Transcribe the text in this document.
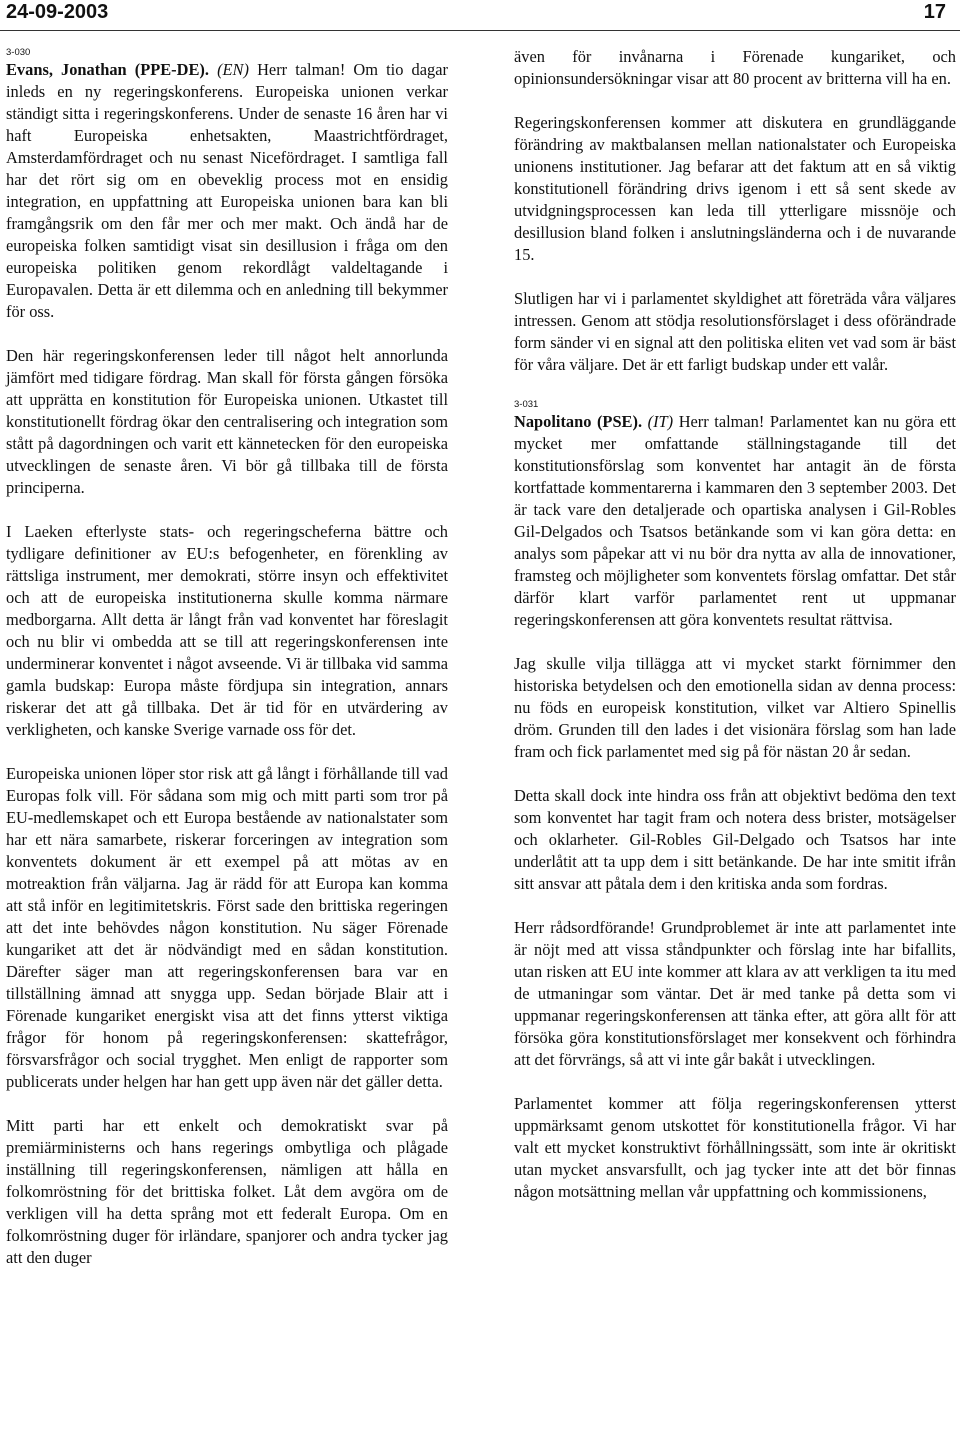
24-09-2003	17

3-030
Evans, Jonathan (PPE-DE). (EN) Herr talman! Om tio dagar inleds en ny regeringskonferens. Europeiska unionen verkar ständigt sitta i regeringskonferens. Under de senaste 16 åren har vi haft Europeiska enhetsakten, Maastrichtfördraget, Amsterdamfördraget och nu senast Nicefördraget. I samtliga fall har det rört sig om en obeveklig process mot en ensidig integration, en uppfattning att Europeiska unionen bara kan bli framgångsrik om den får mer och mer makt. Och ändå har de europeiska folken samtidigt visat sin desillusion i fråga om den europeiska politiken genom rekordlågt valdeltagande i Europavalen. Detta är ett dilemma och en anledning till bekymmer för oss.

Den här regeringskonferensen leder till något helt annorlunda jämfört med tidigare fördrag. Man skall för första gången försöka att upprätta en konstitution för Europeiska unionen. Utkastet till konstitutionellt fördrag ökar den centralisering och integration som stått på dagordningen och varit ett kännetecken för den europeiska utvecklingen de senaste åren. Vi bör gå tillbaka till de första principerna.

I Laeken efterlyste stats- och regeringscheferna bättre och tydligare definitioner av EU:s befogenheter, en förenkling av rättsliga instrument, mer demokrati, större insyn och effektivitet och att de europeiska institutionerna skulle komma närmare medborgarna. Allt detta är långt från vad konventet har föreslagit och nu blir vi ombedda att se till att regeringskonferensen inte underminerar konventet i något avseende. Vi är tillbaka vid samma gamla budskap: Europa måste fördjupa sin integration, annars riskerar det att gå tillbaka. Det är tid för en utvärdering av verkligheten, och kanske Sverige varnade oss för det.

Europeiska unionen löper stor risk att gå långt i förhållande till vad Europas folk vill. För sådana som mig och mitt parti som tror på EU-medlemskapet och ett Europa bestående av nationalstater som har ett nära samarbete, riskerar forceringen av integration som konventets dokument är ett exempel på att mötas av en motreaktion från väljarna. Jag är rädd för att Europa kan komma att stå inför en legitimitetskris. Först sade den brittiska regeringen att det inte behövdes någon konstitution. Nu säger Förenade kungariket att det är nödvändigt med en sådan konstitution. Därefter säger man att regeringskonferensen bara var en tillställning ämnad att snygga upp. Sedan började Blair att i Förenade kungariket energiskt visa att det finns ytterst viktiga frågor för honom på regeringskonferensen: skattefrågor, försvarsfrågor och social trygghet. Men enligt de rapporter som publicerats under helgen har han gett upp även när det gäller detta.

Mitt parti har ett enkelt och demokratiskt svar på premiärministerns och hans regerings ombytliga och plågade inställning till regeringskonferensen, nämligen att hålla en folkomröstning för det brittiska folket. Låt dem avgöra om de verkligen vill ha detta språng mot ett federalt Europa. Om en folkomröstning duger för irländare, spanjorer och andra tycker jag att den duger

även för invånarna i Förenade kungariket, och opinionsundersökningar visar att 80 procent av britterna vill ha en.

Regeringskonferensen kommer att diskutera en grundläggande förändring av maktbalansen mellan nationalstater och Europeiska unionens institutioner. Jag befarar att det faktum att en så viktig konstitutionell förändring drivs igenom i ett så sent skede av utvidgningsprocessen kan leda till ytterligare missnöje och desillusion bland folken i anslutningsländerna och i de nuvarande 15.

Slutligen har vi i parlamentet skyldighet att företräda våra väljares intressen. Genom att stödja resolutionsförslaget i dess oförändrade form sänder vi en signal att den politiska eliten vet vad som är bäst för våra väljare. Det är ett farligt budskap under ett valår.

3-031
Napolitano (PSE). (IT) Herr talman! Parlamentet kan nu göra ett mycket mer omfattande ställningstagande till det konstitutionsförslag som konventet har antagit än de första kortfattade kommentarerna i kammaren den 3 september 2003. Det är tack vare den detaljerade och opartiska analysen i Gil-Robles Gil-Delgados och Tsatsos betänkande som vi kan göra detta: en analys som påpekar att vi nu bör dra nytta av alla de innovationer, framsteg och möjligheter som konventets förslag omfattar. Det står därför klart varför parlamentet rent ut uppmanar regeringskonferensen att göra konventets resultat rättvisa.

Jag skulle vilja tillägga att vi mycket starkt förnimmer den historiska betydelsen och den emotionella sidan av denna process: nu föds en europeisk konstitution, vilket var Altiero Spinellis dröm. Grunden till den lades i det visionära förslag som han lade fram och fick parlamentet med sig på för nästan 20 år sedan.

Detta skall dock inte hindra oss från att objektivt bedöma den text som konventet har tagit fram och notera dess brister, motsägelser och oklarheter. Gil-Robles Gil-Delgado och Tsatsos har inte underlåtit att ta upp dem i sitt betänkande. De har inte smitit ifrån sitt ansvar att påtala dem i den kritiska anda som fordras.

Herr rådsordförande! Grundproblemet är inte att parlamentet inte är nöjt med att vissa ståndpunkter och förslag inte har bifallits, utan risken att EU inte kommer att klara av att verkligen ta itu med de utmaningar som väntar. Det är med tanke på detta som vi uppmanar regeringskonferensen att tänka efter, att göra allt för att försöka göra konstitutionsförslaget mer konsekvent och förhindra att det förvrängs, så att vi inte går bakåt i utvecklingen.

Parlamentet kommer att följa regeringskonferensen ytterst uppmärksamt genom utskottet för konstitutionella frågor. Vi har valt ett mycket konstruktivt förhållningssätt, som inte är okritiskt utan mycket ansvarsfullt, och jag tycker inte att det bör finnas någon motsättning mellan vår uppfattning och kommissionens,
